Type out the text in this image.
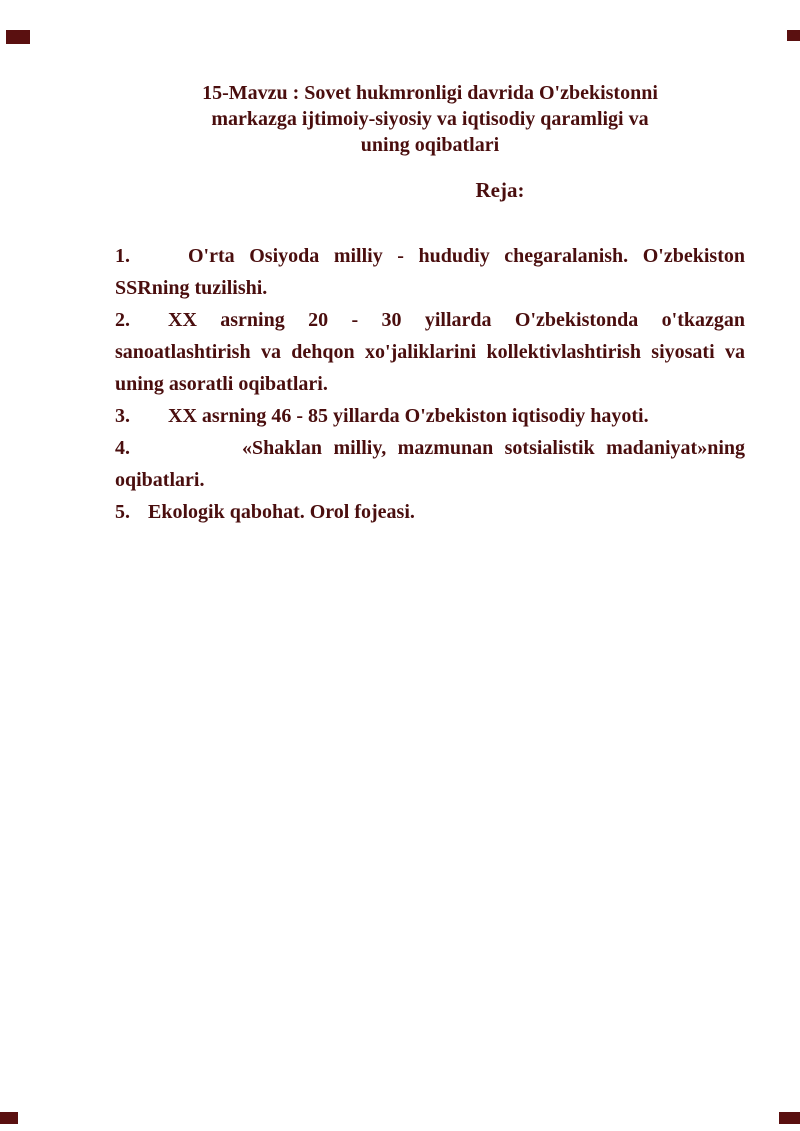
15-Mavzu : Sovet hukmronligi davrida O'zbekistonni
markazga ijtimoiy-siyosiy va iqtisodiy qaramligi va
uning oqibatlari
Reja:

1.	O'rta Osiyoda milliy - hududiy chegaralanish. O'zbekiston SSRning tuzilishi.

2. XX asrning 20 - 30 yillarda O'zbekistonda o'tkazgan sanoatlashtirish va dehqon xo'jaliklarini kollektivlashtirish siyosati va uning asoratli oqibatlari.

3. XX asrning 46 - 85 yillarda O'zbekiston iqtisodiy hayoti.

4.	«Shaklan milliy, mazmunan sotsialistik madaniyat»ning oqibatlari.

5. Ekologik qabohat. Orol fojeasi.
